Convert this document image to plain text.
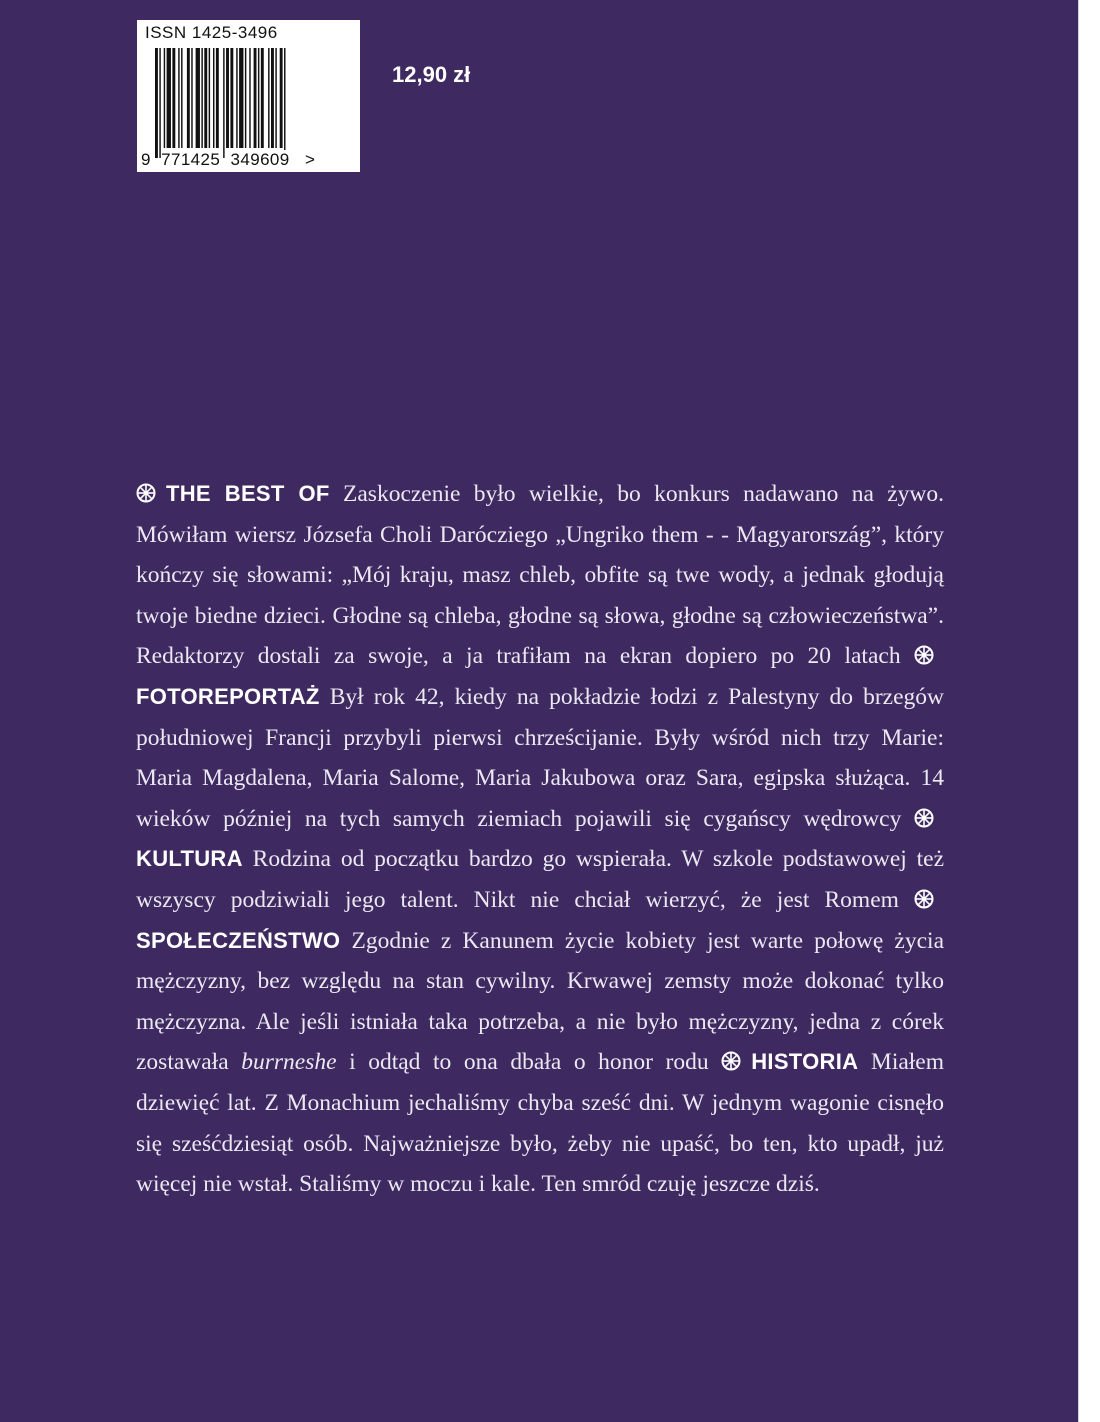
ISSN 1425-3496
9 771425 349609 >
12,90 zł
THE BEST OF Zaskoczenie było wielkie, bo konkurs nadawano na żywo. Mówiłam wiersz Józsefa Choli Darócziego „Ungriko them - - Magyarország”, który kończy się słowami: „Mój kraju, masz chleb, obfite są twe wody, a jednak głodują twoje biedne dzieci. Głodne są chleba, głodne są słowa, głodne są człowieczeństwa”. Redaktorzy dostali za swoje, a ja trafiłam na ekran dopiero po 20 latach FOTOREPORTAŻ Był rok 42, kiedy na pokładzie łodzi z Palestyny do brzegów południowej Francji przybyli pierwsi chrześcijanie. Były wśród nich trzy Marie: Maria Magdalena, Maria Salome, Maria Jakubowa oraz Sara, egipska służąca. 14 wieków później na tych samych ziemiach pojawili się cygańscy wędrowcy KULTURA Rodzina od początku bardzo go wspierała. W szkole podstawowej też wszyscy podziwiali jego talent. Nikt nie chciał wierzyć, że jest Romem SPOŁECZEŃSTWO Zgodnie z Kanunem życie kobiety jest warte połowę życia mężczyzny, bez względu na stan cywilny. Krwawej zemsty może dokonać tylko mężczyzna. Ale jeśli istniała taka potrzeba, a nie było mężczyzny, jedna z córek zostawała burrneshe i odtąd to ona dbała o honor rodu HISTORIA Miałem dziewięć lat. Z Monachium jechaliśmy chyba sześć dni. W jednym wagonie cisnęło się sześćdziesiąt osób. Najważniejsze było, żeby nie upaść, bo ten, kto upadł, już więcej nie wstał. Staliśmy w moczu i kale. Ten smród czuję jeszcze dziś.
